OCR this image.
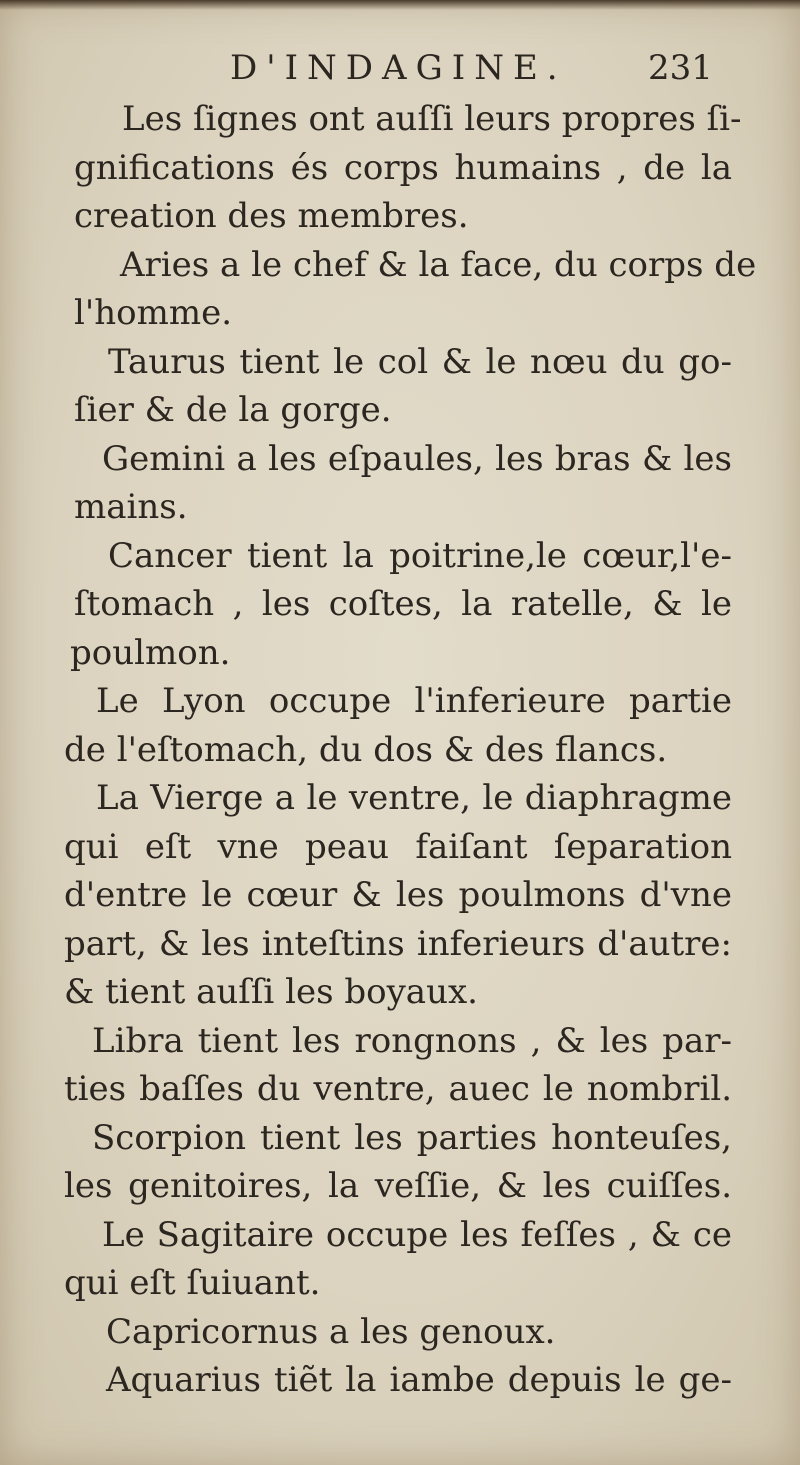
D'INDAGINE. 231
Les ſignes ont auſſi leurs propres ſi-
gnifications és corps humains , de la
creation des membres.
Aries a le chef & la face, du corps de
l'homme.
Taurus tient le col & le nœu du go-
ſier & de la gorge.
Gemini a les eſpaules, les bras & les
mains.
Cancer tient la poitrine,le cœur,l'e-
ſtomach , les coſtes, la ratelle, & le
poulmon.
Le Lyon occupe l'inferieure partie
de l'eſtomach, du dos & des flancs.
La Vierge a le ventre, le diaphragme
qui eſt vne peau faiſant ſeparation
d'entre le cœur & les poulmons d'vne
part, & les inteſtins inferieurs d'autre:
& tient auſſi les boyaux.
Libra tient les rongnons , & les par-
ties baſſes du ventre, auec le nombril.
Scorpion tient les parties honteuſes,
les genitoires, la veſſie, & les cuiſſes.
Le Sagitaire occupe les feſſes , & ce
qui eſt ſuiuant.
Capricornus a les genoux.
Aquarius tiẽt la iambe depuis le ge-
